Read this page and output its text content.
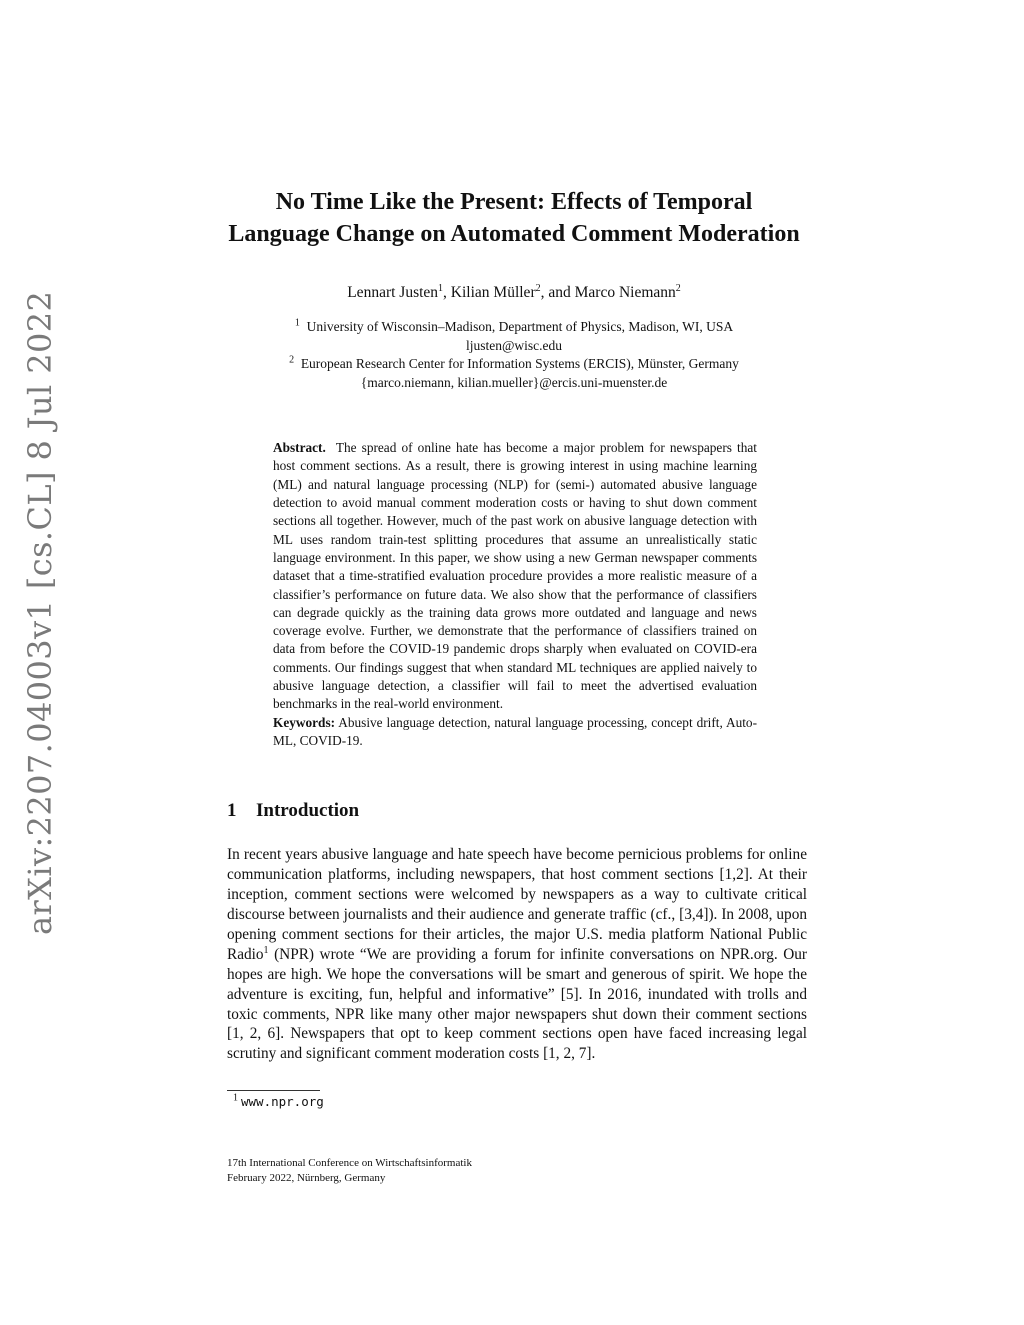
arXiv:2207.04003v1 [cs.CL] 8 Jul 2022
No Time Like the Present: Effects of Temporal
Language Change on Automated Comment Moderation
Lennart Justen$^1$, Kilian Müller$^2$, and Marco Niemann$^2$
$^1$ University of Wisconsin–Madison, Department of Physics, Madison, WI, USA
ljusten@wisc.edu
$^2$ European Research Center for Information Systems (ERCIS), Münster, Germany
{marco.niemann, kilian.mueller}@ercis.uni-muenster.de

Abstract. The spread of online hate has become a major problem for newspapers that host comment sections. As a result, there is growing interest in using machine learning (ML) and natural language processing (NLP) for (semi-) automated abusive language detection to avoid manual comment moderation costs or having to shut down comment sections all together. However, much of the past work on abusive language detection with ML uses random train-test splitting procedures that assume an unrealistically static language environment. In this paper, we show using a new German newspaper comments dataset that a time-stratified evaluation procedure provides a more realistic measure of a classifier’s performance on future data. We also show that the performance of classifiers can degrade quickly as the training data grows more outdated and language and news coverage evolve. Further, we demonstrate that the performance of classifiers trained on data from before the COVID-19 pandemic drops sharply when evaluated on COVID-era comments. Our findings suggest that when standard ML techniques are applied naively to abusive language detection, a classifier will fail to meet the advertised evaluation benchmarks in the real-world environment.

Keywords: Abusive language detection, natural language processing, concept drift, Auto-ML, COVID-19.

1 Introduction

In recent years abusive language and hate speech have become pernicious problems for online communication platforms, including newspapers, that host comment sections [1,2]. At their inception, comment sections were welcomed by newspapers as a way to cultivate critical discourse between journalists and their audience and generate traffic (cf., [3,4]). In 2008, upon opening comment sections for their articles, the major U.S. media platform National Public Radio$^1$ (NPR) wrote “We are providing a forum for infinite conversations on NPR.org. Our hopes are high. We hope the conversations will be smart and generous of spirit. We hope the adventure is exciting, fun, helpful and informative” [5]. In 2016, inundated with trolls and toxic comments, NPR like many other major newspapers shut down their comment sections [1, 2, 6]. Newspapers that opt to keep comment sections open have faced increasing legal scrutiny and significant comment moderation costs [1, 2, 7].

$^1$ www.npr.org
17th International Conference on Wirtschaftsinformatik
February 2022, Nürnberg, Germany
